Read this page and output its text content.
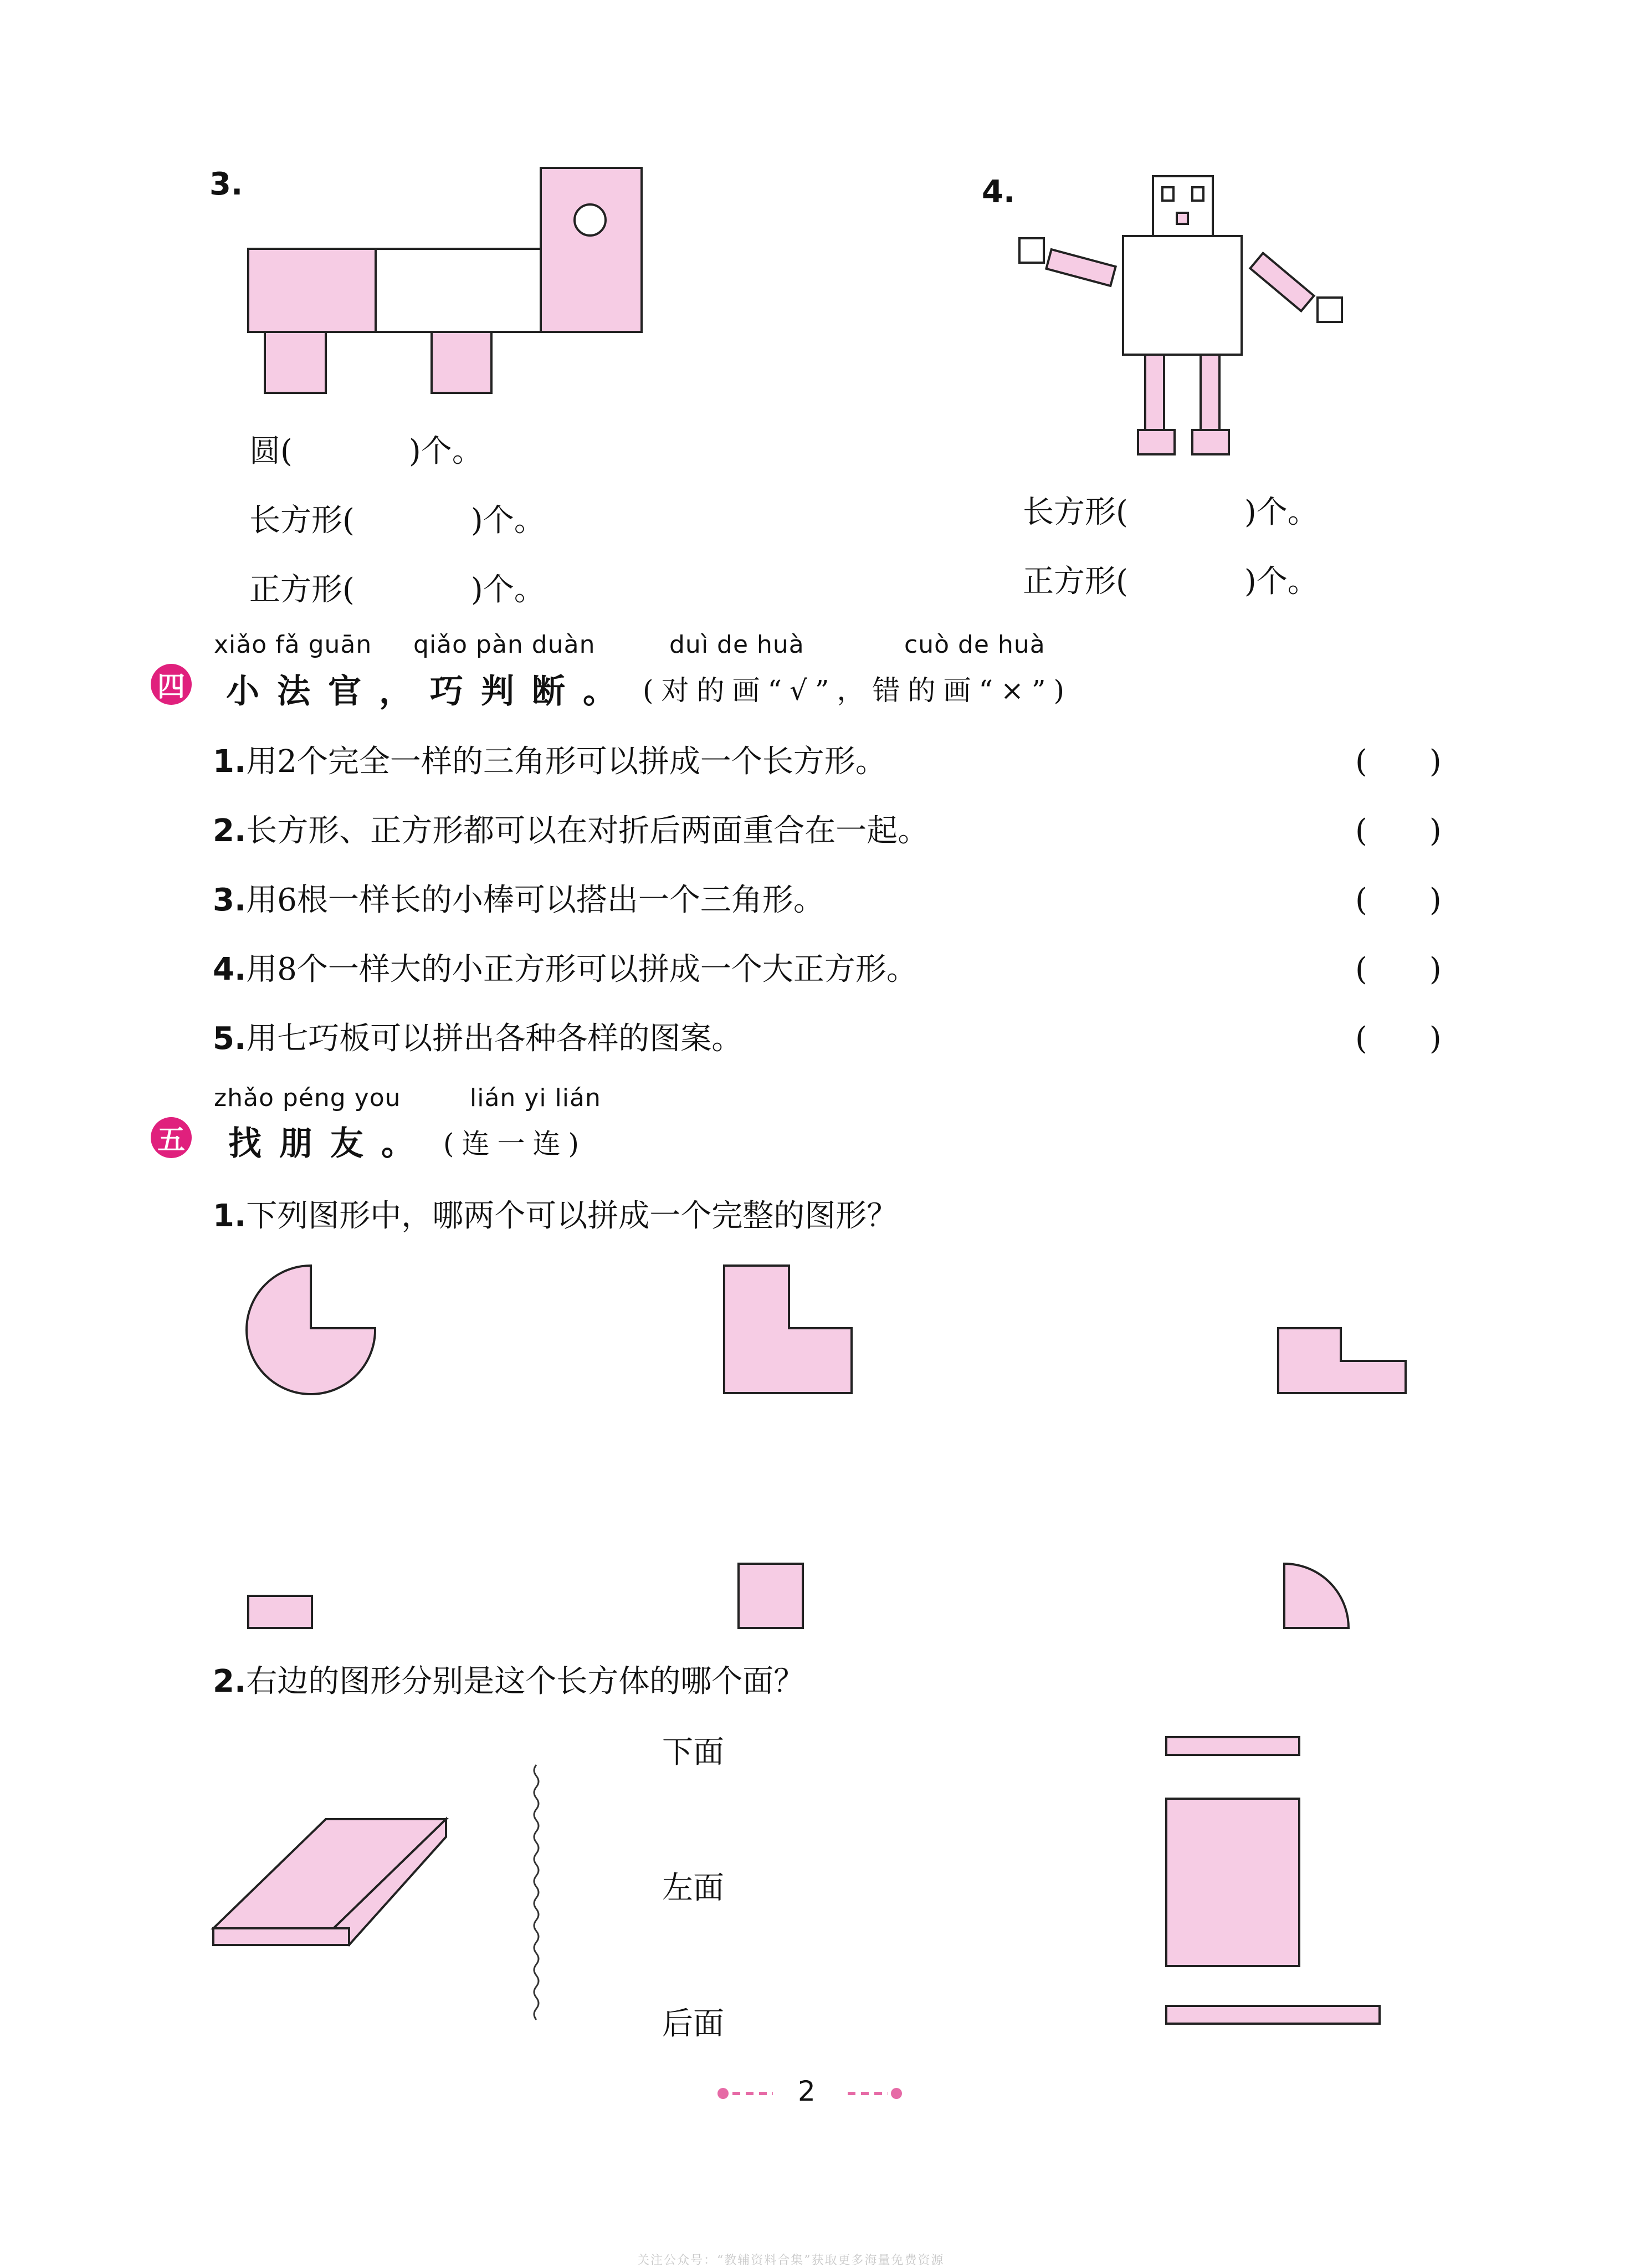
3.
圆(	)个。
长方形(	)个。
正方形(	)个。
4.
长方形(	)个。
正方形(	)个。
xiǎo fǎ guān qiǎo pàn duàn	duì de huà	cuò de huà
四 小法官，巧判断。 (对的画“√”，错的画“×”)
1.用2个完全一样的三角形可以拼成一个长方形。	(　　)
2.长方形、正方形都可以在对折后两面重合在一起。	(　　)
3.用6根一样长的小棒可以搭出一个三角形。	(　　)
4.用8个一样大的小正方形可以拼成一个大正方形。	(　　)
5.用七巧板可以拼出各种各样的图案。	(　　)
zhǎo péng you	lián yi lián
五 找朋友。 (连一连)
1.下列图形中，哪两个可以拼成一个完整的图形？
2.右边的图形分别是这个长方体的哪个面？
下面
左面
后面
2
关注公众号：“教辅资料合集”获取更多海量免费资源
